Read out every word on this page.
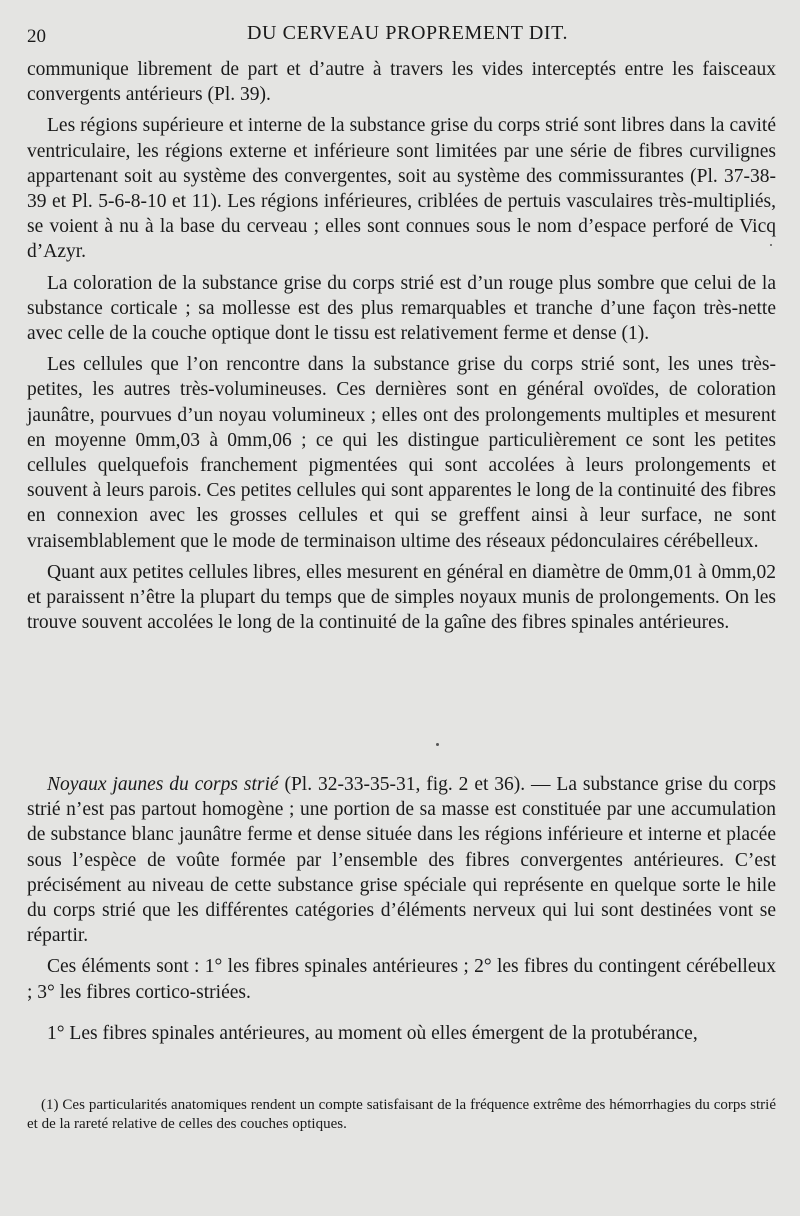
20	DU CERVEAU PROPREMENT DIT.

communique librement de part et d’autre à travers les vides interceptés entre les faisceaux convergents antérieurs (Pl. 39).

Les régions supérieure et interne de la substance grise du corps strié sont libres dans la cavité ventriculaire, les régions externe et inférieure sont limitées par une série de fibres curvilignes appartenant soit au système des convergentes, soit au système des commissurantes (Pl. 37-38-39 et Pl. 5-6-8-10 et 11). Les régions inférieures, criblées de pertuis vasculaires très-multipliés, se voient à nu à la base du cerveau ; elles sont connues sous le nom d’espace perforé de Vicq d’Azyr.

La coloration de la substance grise du corps strié est d’un rouge plus sombre que celui de la substance corticale ; sa mollesse est des plus remarquables et tranche d’une façon très-nette avec celle de la couche optique dont le tissu est relativement ferme et dense (1).

Les cellules que l’on rencontre dans la substance grise du corps strié sont, les unes très-petites, les autres très-volumineuses. Ces dernières sont en général ovoïdes, de coloration jaunâtre, pourvues d’un noyau volumineux ; elles ont des prolongements multiples et mesurent en moyenne 0mm,03 à 0mm,06 ; ce qui les distingue particulièrement ce sont les petites cellules quelquefois franchement pigmentées qui sont accolées à leurs prolongements et souvent à leurs parois. Ces petites cellules qui sont apparentes le long de la continuité des fibres en connexion avec les grosses cellules et qui se greffent ainsi à leur surface, ne sont vraisemblablement que le mode de terminaison ultime des réseaux pédonculaires cérébelleux.

Quant aux petites cellules libres, elles mesurent en général en diamètre de 0mm,01 à 0mm,02 et paraissent n’être la plupart du temps que de simples noyaux munis de prolongements. On les trouve souvent accolées le long de la continuité de la gaîne des fibres spinales antérieures.

Noyaux jaunes du corps strié (Pl. 32-33-35-31, fig. 2 et 36). — La substance grise du corps strié n’est pas partout homogène ; une portion de sa masse est constituée par une accumulation de substance blanc jaunâtre ferme et dense située dans les régions inférieure et interne et placée sous l’espèce de voûte formée par l’ensemble des fibres convergentes antérieures. C’est précisément au niveau de cette substance grise spéciale qui représente en quelque sorte le hile du corps strié que les différentes catégories d’éléments nerveux qui lui sont destinées vont se répartir.

Ces éléments sont : 1° les fibres spinales antérieures ; 2° les fibres du contingent cérébelleux ; 3° les fibres cortico-striées.

1° Les fibres spinales antérieures, au moment où elles émergent de la protubérance,

(1) Ces particularités anatomiques rendent un compte satisfaisant de la fréquence extrême des hémorrhagies du corps strié et de la rareté relative de celles des couches optiques.
